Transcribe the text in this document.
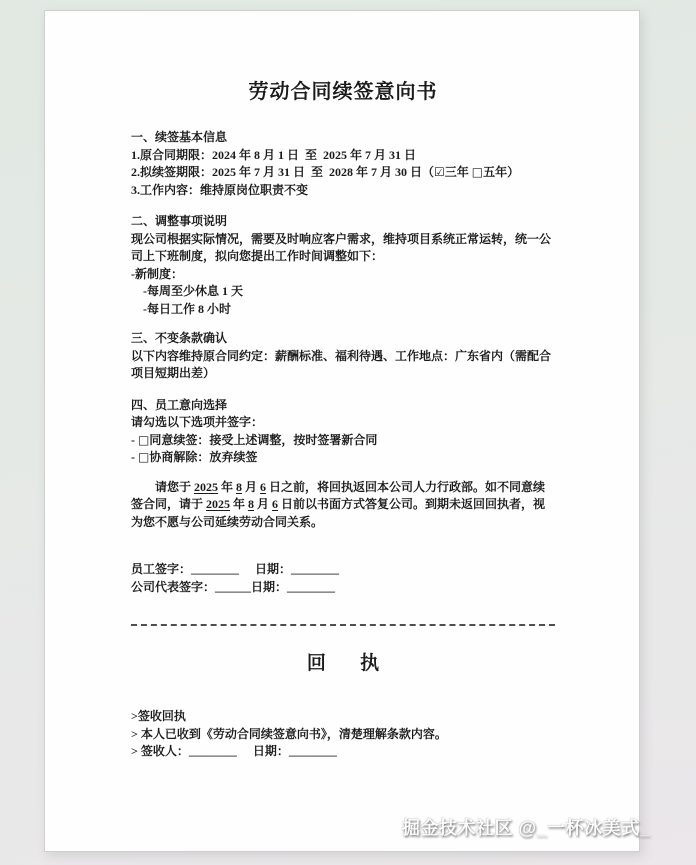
劳动合同续签意向书
一、续签基本信息
1.原合同期限：2024 年 8 月 1 日  至  2025 年 7 月 31 日
2.拟续签期限：2025 年 7 月 31 日  至  2028 年 7 月 30 日（☑三年 □五年）
3.工作内容：维持原岗位职责不变
二、调整事项说明
现公司根据实际情况，需要及时响应客户需求，维持项目系统正常运转，统一公司上下班制度，拟向您提出工作时间调整如下：
-新制度：
-每周至少休息 1 天
-每日工作 8 小时
三、不变条款确认
以下内容维持原合同约定：薪酬标准、福利待遇、工作地点：广东省内（需配合项目短期出差）
四、员工意向选择
请勾选以下选项并签字：
- □同意续签：接受上述调整，按时签署新合同
- □协商解除：放弃续签
请您于 2025 年 8 月 6 日之前，将回执返回本公司人力行政部。如不同意续签合同，请于 2025 年 8 月 6 日前以书面方式答复公司。到期未返回回执者，视为您不愿与公司延续劳动合同关系。
员工签字：________ 日期：________
公司代表签字：______日期：________
回执
>签收回执
> 本人已收到《劳动合同续签意向书》，清楚理解条款内容。
> 签收人：________ 日期：________
掘金技术社区 @_一杯冰美式_
